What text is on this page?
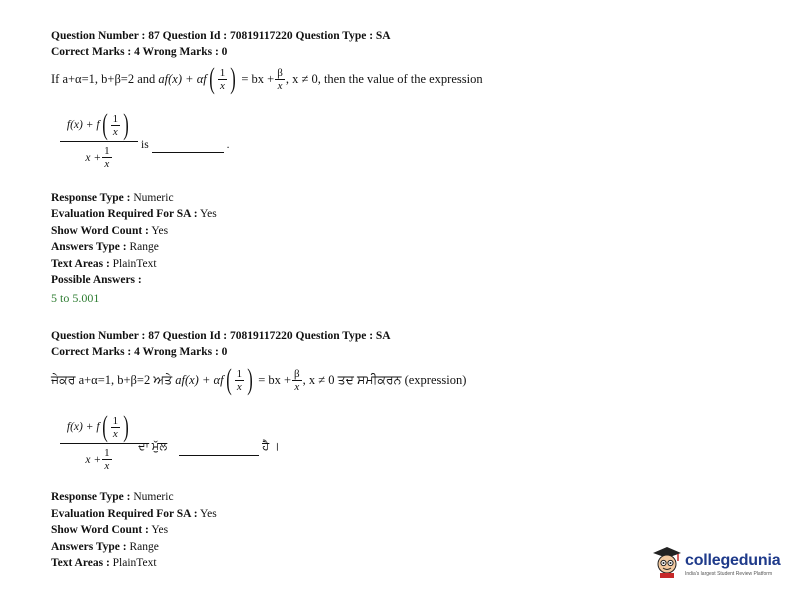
Question Number : 87 Question Id : 70819117220 Question Type : SA
Correct Marks : 4 Wrong Marks : 0
If a+α=1, b+β=2 and
af(x)
+ αf ( $\frac{1}{x}$ )
= bx + $\frac{\beta}{x}$ , x ≠ 0, then the value of the expression
f(x) + f ( $\frac{1}{x}$ )
$x + \frac{1}{x}$	is	.
Response Type : Numeric
Evaluation Required For SA : Yes
Show Word Count : Yes
Answers Type : Range
Text Areas : PlainText
Possible Answers :
5 to 5.001
Question Number : 87 Question Id : 70819117220 Question Type : SA
Correct Marks : 4 Wrong Marks : 0
ਜੇਕਰ a+α=1, b+β=2 ਅਤੇ
af(x)
+ αf ( $\frac{1}{x}$ )
= bx + $\frac{\beta}{x}$ , x ≠ 0 ਤਦ ਸਮੀਕਰਨ (expression)
f(x) + f ( $\frac{1}{x}$ )
$x + \frac{1}{x}$ ਦਾ ਮੁੱਲ	ਹੈ ।
Response Type : Numeric
Evaluation Required For SA : Yes
Show Word Count : Yes
Answers Type : Range
Text Areas : PlainText	collegedunia
India's largest Student Review Platform
